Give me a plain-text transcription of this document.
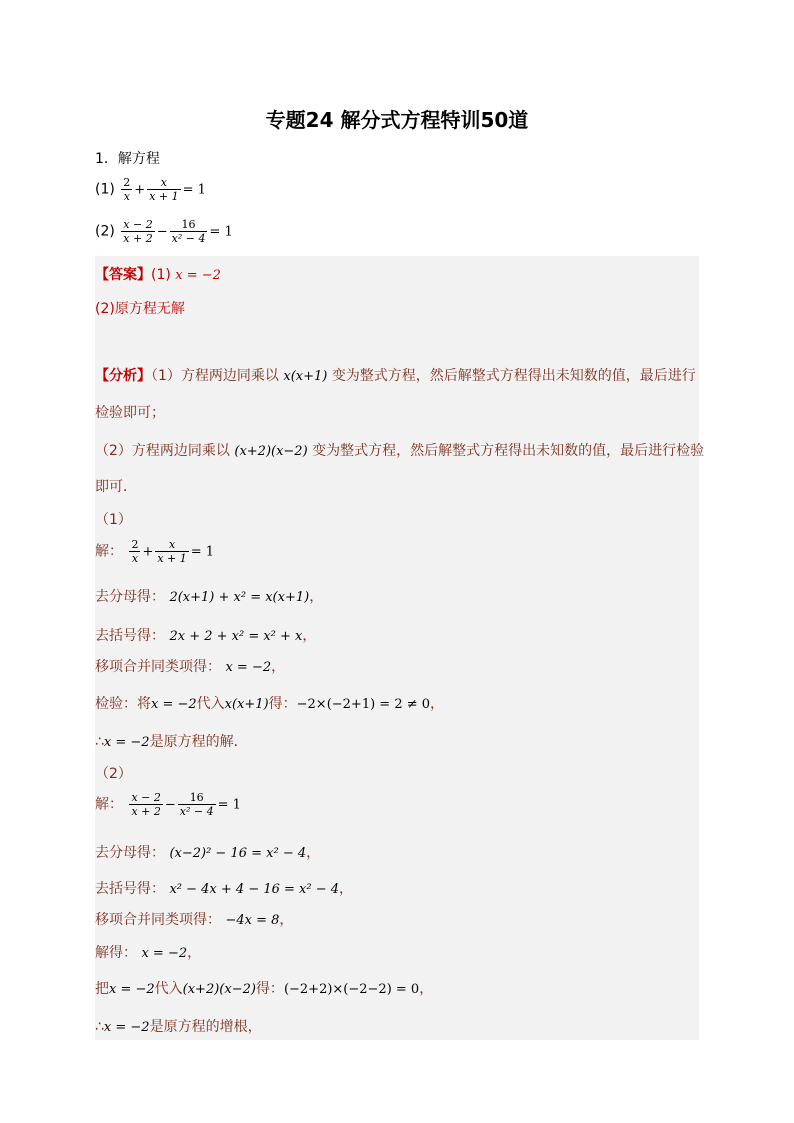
专题24 解分式方程特训50道
1．解方程
$(1) \frac{2}{x} + \frac{x}{x + 1} = 1$
$(2) \frac{x - 2}{x + 2} - \frac{16}{\text{x² − 4}} = 1$
【答案】(1) x = −2
(2)原方程无解
【分析】（1）方程两边同乘以 x(x+1) 变为整式方程，然后解整式方程得出未知数的值，最后进行
检验即可；
（2）方程两边同乘以 (x+2)(x−2) 变为整式方程，然后解整式方程得出未知数的值，最后进行检验
即可．
（1）
解： $\frac{2}{x} + \frac{x}{x + 1} = 1$
去分母得： 2(x+1) + x² = x(x+1)，
去括号得： 2x + 2 + x² = x² + x，
移项合并同类项得： x = −2，
检验：将x = −2代入x(x+1)得：−2×(−2+1) = 2 ≠ 0，
∴x = −2是原方程的解．
（2）
解： $\frac{x - 2}{x + 2} - \frac{16}{\text{x² − 4}} = 1$
去分母得： (x−2)² − 16 = x² − 4，
去括号得： x² − 4x + 4 − 16 = x² − 4，
移项合并同类项得： −4x = 8，
解得： x = −2，
把x = −2代入(x+2)(x−2)得：(−2+2)×(−2−2) = 0，
∴x = −2是原方程的增根，
